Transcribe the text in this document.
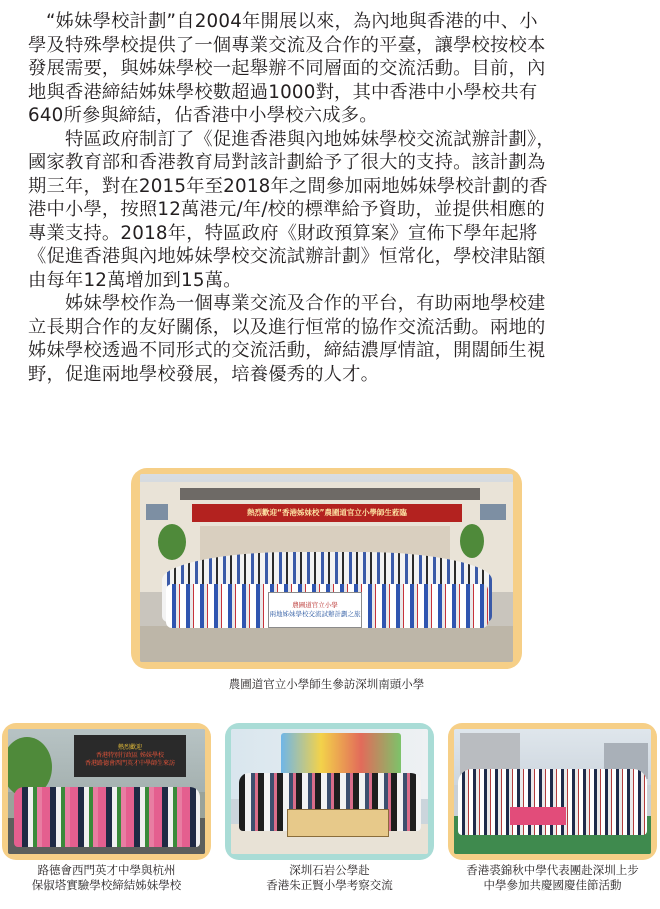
“姊妹學校計劃”自2004年開展以來，為內地與香港的中、小
學及特殊學校提供了一個專業交流及合作的平臺，讓學校按校本
發展需要，與姊妹學校一起舉辦不同層面的交流活動。目前，內
地與香港締結姊妹學校數超過1000對，其中香港中小學校共有
640所參與締結，佔香港中小學校六成多。

特區政府制訂了《促進香港與內地姊妹學校交流試辦計劃》，
國家教育部和香港教育局對該計劃給予了很大的支持。該計劃為
期三年，對在2015年至2018年之間參加兩地姊妹學校計劃的香
港中小學，按照12萬港元/年/校的標準給予資助，並提供相應的
專業支持。2018年，特區政府《財政預算案》宣佈下學年起將
《促進香港與內地姊妹學校交流試辦計劃》恒常化，學校津貼額
由每年12萬增加到15萬。

姊妹學校作為一個專業交流及合作的平台，有助兩地學校建
立長期合作的友好關係，以及進行恒常的協作交流活動。兩地的
姊妹學校透過不同形式的交流活動，締結濃厚情誼，開闊師生視
野，促進兩地學校發展，培養優秀的人才。

熱烈歡迎“香港姊妹校”農圃道官立小學師生蒞臨
農圃道官立小學
兩地姊妹學校交流試辦計劃之旅
農圃道官立小學師生參訪深圳南頭小學
熱烈歡迎
香港特別行政區 姊妹學校
香港路德會西門英才中學師生來訪
路德會西門英才中學與杭州
保俶塔實驗學校締結姊妹學校
深圳石岩公學赴
香港朱正賢小學考察交流
香港裘錦秋中學代表團赴深圳上步
中學參加共慶國慶佳節活動
